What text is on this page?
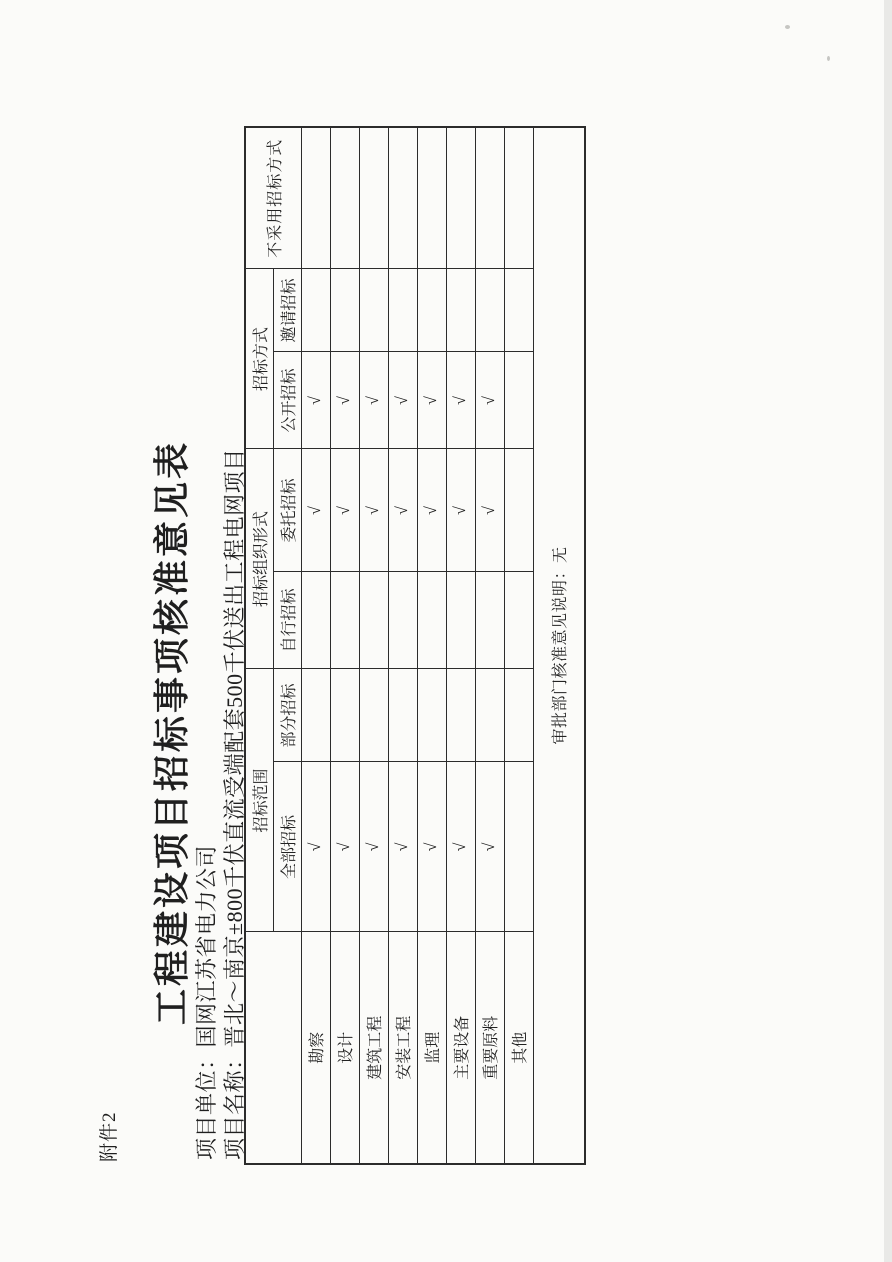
附件2
工程建设项目招标事项核准意见表
项目单位：国网江苏省电力公司
项目名称：晋北～南京±800千伏直流受端配套500千伏送出工程电网项目
	招标范围		招标组织形式		招标方式		不采用招标方式
	全部招标	部分招标	自行招标	委托招标	公开招标	邀请招标	
勘察	√			√	√		
设计	√			√	√		
建筑工程	√			√	√		
安装工程	√			√	√		
监理	√			√	√		
主要设备	√			√	√		
重要原料	√			√	√		
其他							
审批部门核准意见说明：无							
